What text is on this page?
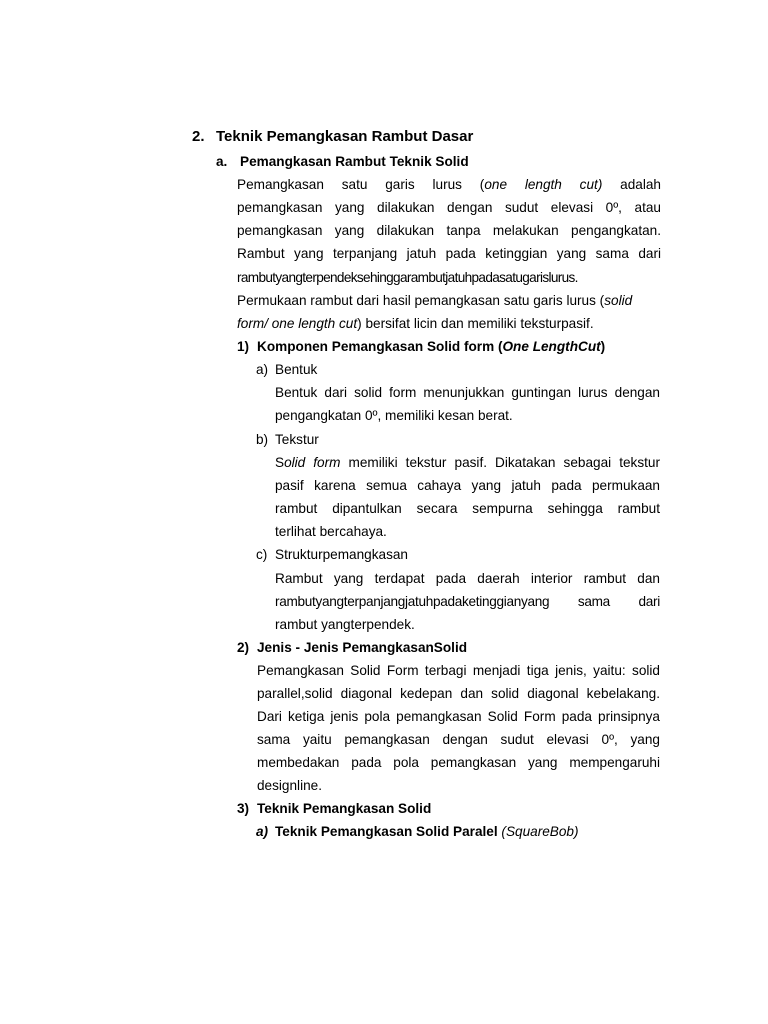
2. Teknik Pemangkasan Rambut Dasar
a. Pemangkasan Rambut Teknik Solid
Pemangkasan satu garis lurus (one length cut) adalah
pemangkasan yang dilakukan dengan sudut elevasi 0º, atau
pemangkasan yang dilakukan tanpa melakukan pengangkatan.
Rambut yang terpanjang jatuh pada ketinggian yang sama dari
rambutyangterpendeksehinggarambutjatuhpadasatugarislurus.
Permukaan rambut dari hasil pemangkasan satu garis lurus (solid
form/ one length cut) bersifat licin dan memiliki teksturpasif.
1) Komponen Pemangkasan Solid form (One LengthCut)
a) Bentuk
Bentuk dari solid form menunjukkan guntingan lurus dengan
pengangkatan 0º, memiliki kesan berat.
b) Tekstur
Solid form memiliki tekstur pasif. Dikatakan sebagai tekstur
pasif karena semua cahaya yang jatuh pada permukaan
rambut dipantulkan secara sempurna sehingga rambut
terlihat bercahaya.
c) Strukturpemangkasan
Rambut yang terdapat pada daerah interior rambut dan
rambutyangterpanjangjatuhpadaketinggianyang sama dari
rambut yangterpendek.
2) Jenis - Jenis PemangkasanSolid
Pemangkasan Solid Form terbagi menjadi tiga jenis, yaitu: solid
parallel,solid diagonal kedepan dan solid diagonal kebelakang.
Dari ketiga jenis pola pemangkasan Solid Form pada prinsipnya
sama yaitu pemangkasan dengan sudut elevasi 0º, yang
membedakan pada pola pemangkasan yang mempengaruhi
designline.
3) Teknik Pemangkasan Solid
a) Teknik Pemangkasan Solid Paralel (SquareBob)
